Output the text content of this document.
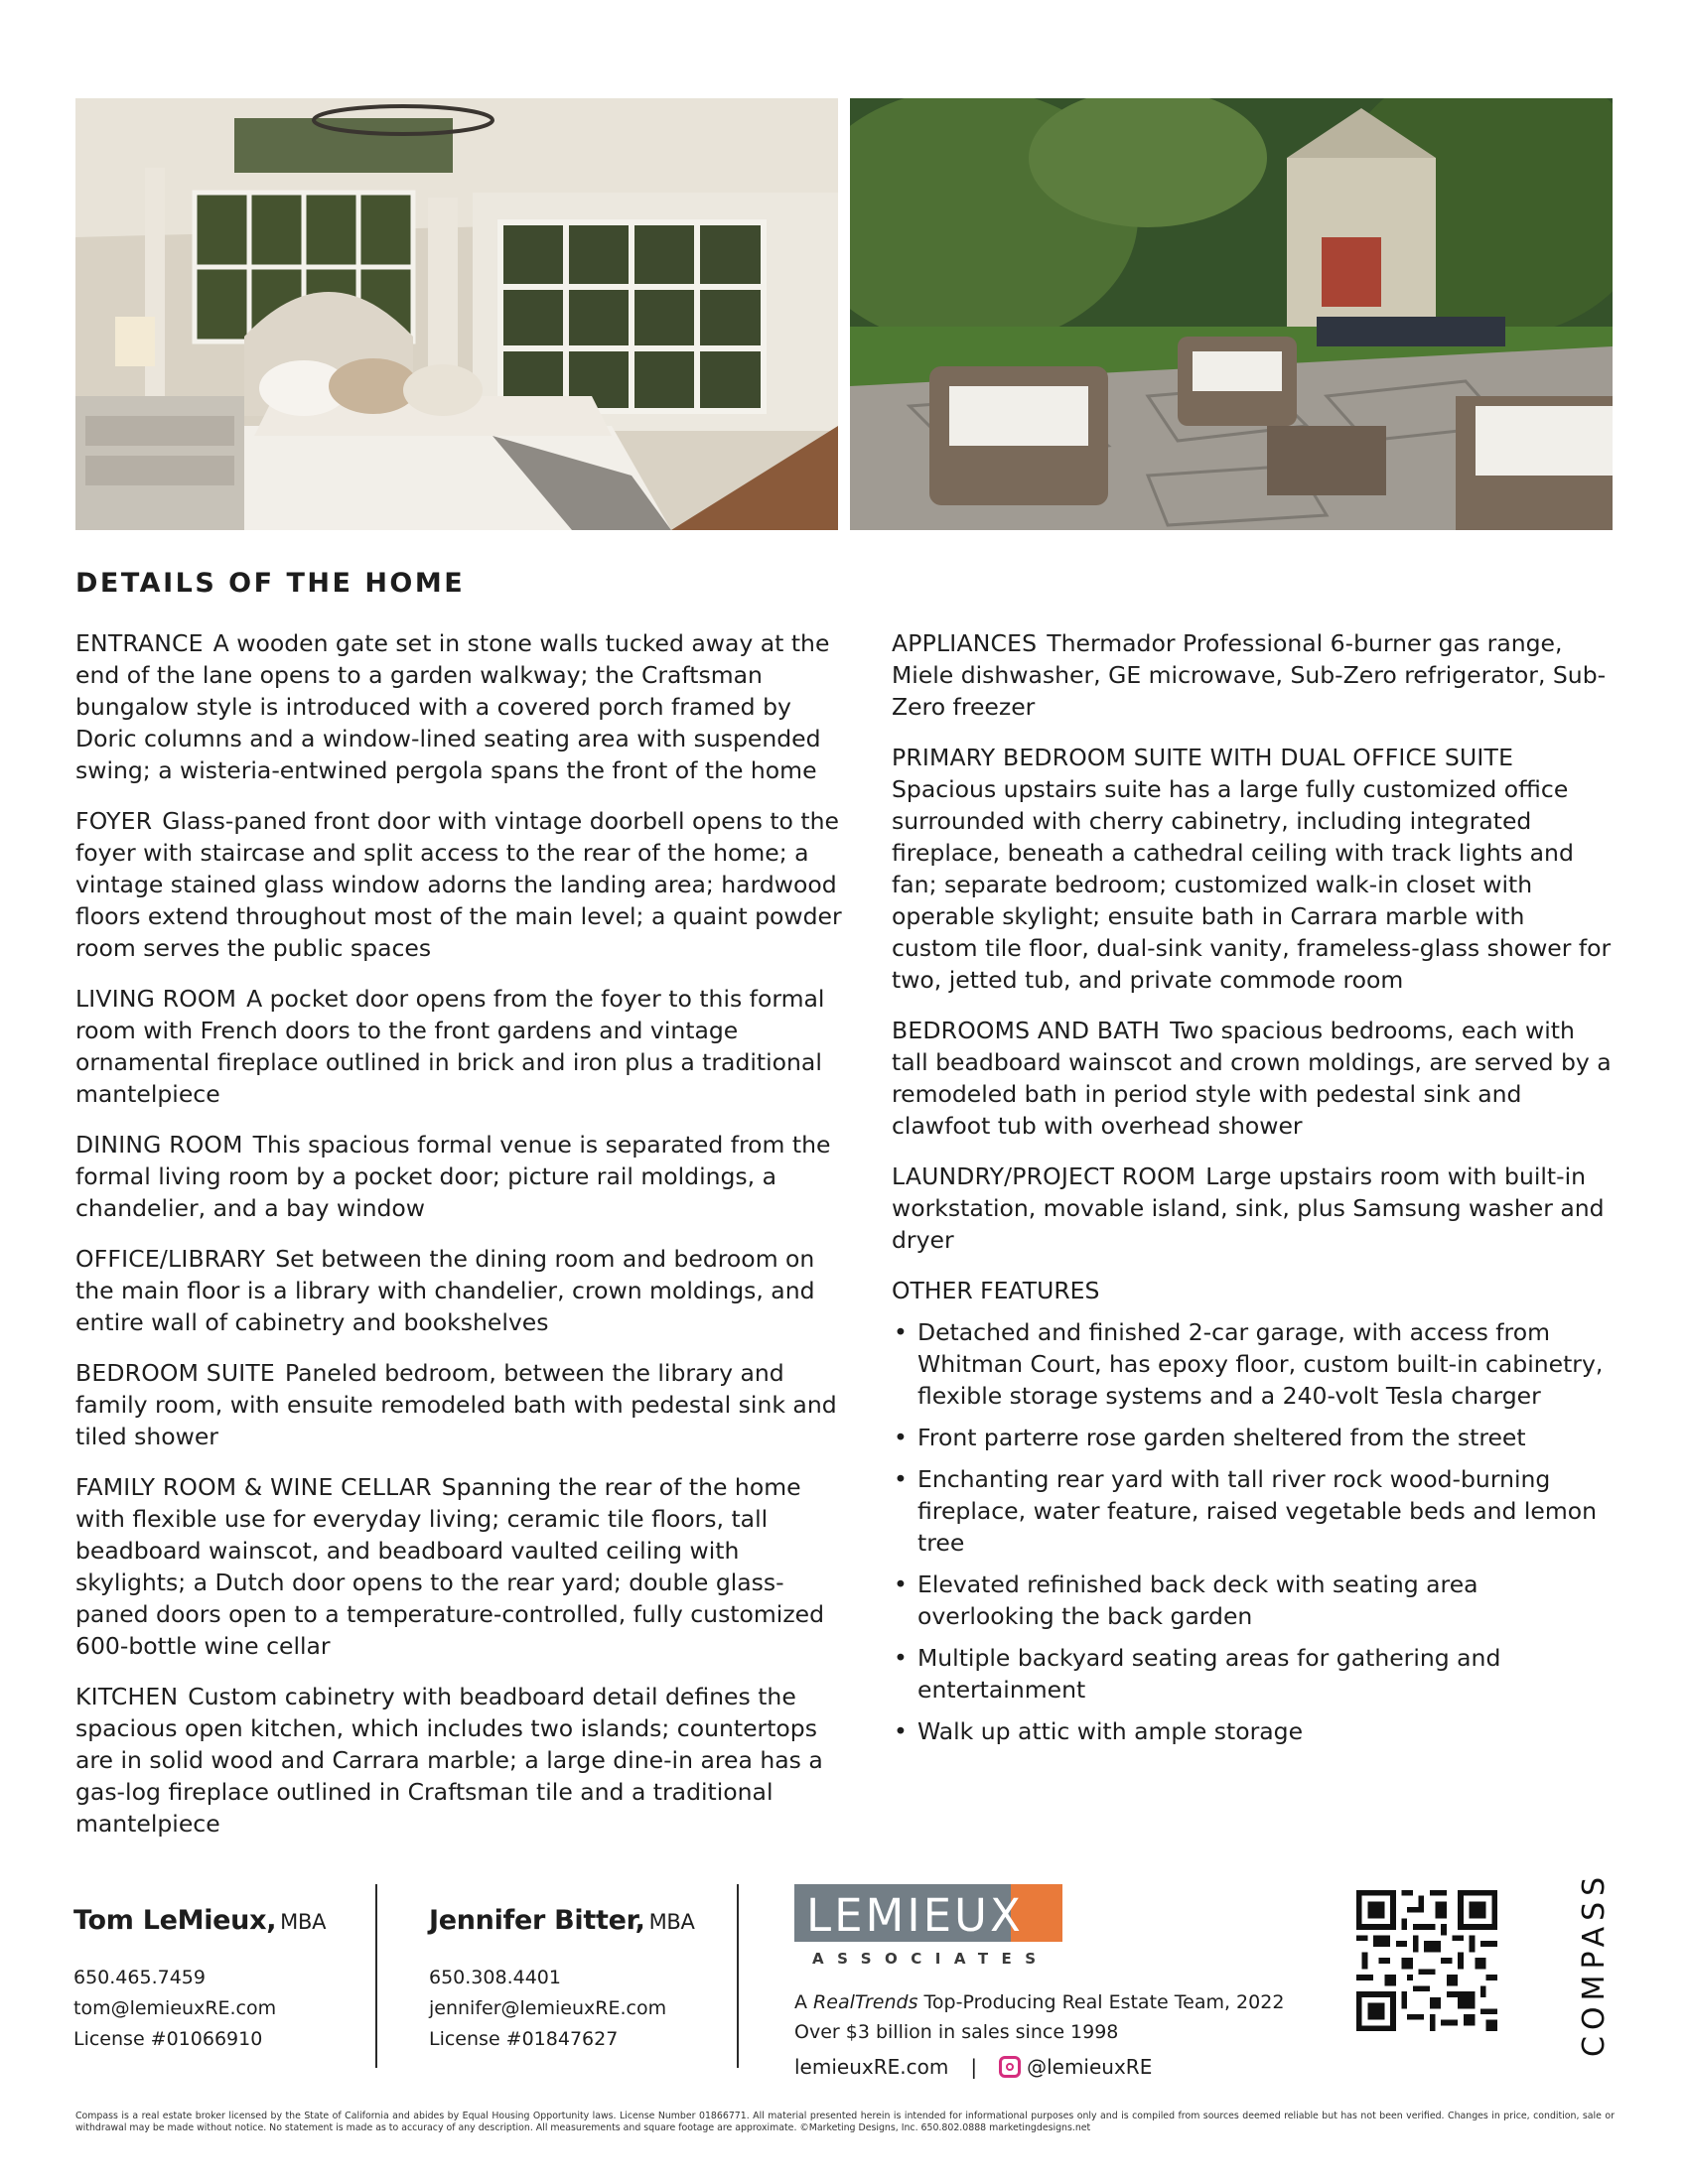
DETAILS OF THE HOME

ENTRANCE A wooden gate set in stone walls tucked away at the end of the lane opens to a garden walkway; the Craftsman bungalow style is introduced with a covered porch framed by Doric columns and a window-lined seating area with suspended swing; a wisteria-entwined pergola spans the front of the home

FOYER Glass-paned front door with vintage doorbell opens to the foyer with staircase and split access to the rear of the home; a vintage stained glass window adorns the landing area; hardwood floors extend throughout most of the main level; a quaint powder room serves the public spaces

LIVING ROOM A pocket door opens from the foyer to this formal room with French doors to the front gardens and vintage ornamental fireplace outlined in brick and iron plus a traditional mantelpiece

DINING ROOM This spacious formal venue is separated from the formal living room by a pocket door; picture rail moldings, a chandelier, and a bay window

OFFICE/LIBRARY Set between the dining room and bedroom on the main floor is a library with chandelier, crown moldings, and entire wall of cabinetry and bookshelves

BEDROOM SUITE Paneled bedroom, between the library and family room, with ensuite remodeled bath with pedestal sink and tiled shower

FAMILY ROOM & WINE CELLAR Spanning the rear of the home with flexible use for everyday living; ceramic tile floors, tall beadboard wainscot, and beadboard vaulted ceiling with skylights; a Dutch door opens to the rear yard; double glass-paned doors open to a temperature-controlled, fully customized 600-bottle wine cellar

KITCHEN Custom cabinetry with beadboard detail defines the spacious open kitchen, which includes two islands; countertops are in solid wood and Carrara marble; a large dine-in area has a gas-log fireplace outlined in Craftsman tile and a traditional mantelpiece

APPLIANCES Thermador Professional 6-burner gas range, Miele dishwasher, GE microwave, Sub-Zero refrigerator, Sub-Zero freezer

PRIMARY BEDROOM SUITE WITH DUAL OFFICE SUITE
Spacious upstairs suite has a large fully customized office surrounded with cherry cabinetry, including integrated fireplace, beneath a cathedral ceiling with track lights and fan; separate bedroom; customized walk-in closet with operable skylight; ensuite bath in Carrara marble with custom tile floor, dual-sink vanity, frameless-glass shower for two, jetted tub, and private commode room

BEDROOMS AND BATH Two spacious bedrooms, each with tall beadboard wainscot and crown moldings, are served by a remodeled bath in period style with pedestal sink and clawfoot tub with overhead shower

LAUNDRY/PROJECT ROOM Large upstairs room with built-in workstation, movable island, sink, plus Samsung washer and dryer

OTHER FEATURES
• Detached and finished 2-car garage, with access from Whitman Court, has epoxy floor, custom built-in cabinetry, flexible storage systems and a 240-volt Tesla charger
• Front parterre rose garden sheltered from the street
• Enchanting rear yard with tall river rock wood-burning fireplace, water feature, raised vegetable beds and lemon tree
• Elevated refinished back deck with seating area overlooking the back garden
• Multiple backyard seating areas for gathering and entertainment
• Walk up attic with ample storage
Tom LeMieux, MBA
650.465.7459
tom@lemieuxRE.com
License #01066910
Jennifer Bitter, MBA
650.308.4401
jennifer@lemieuxRE.com
License #01847627
LEMIEUX
ASSOCIATES
A RealTrends Top-Producing Real Estate Team, 2022
Over $3 billion in sales since 1998
lemieuxRE.com |	@lemieuxRE
COMPASS
Compass is a real estate broker licensed by the State of California and abides by Equal Housing Opportunity laws. License Number 01866771. All material presented herein is intended for informational purposes only and is compiled from sources deemed reliable but has not been verified. Changes in price, condition, sale or withdrawal may be made without notice. No statement is made as to accuracy of any description. All measurements and square footage are approximate. ©Marketing Designs, Inc. 650.802.0888 marketingdesigns.net
